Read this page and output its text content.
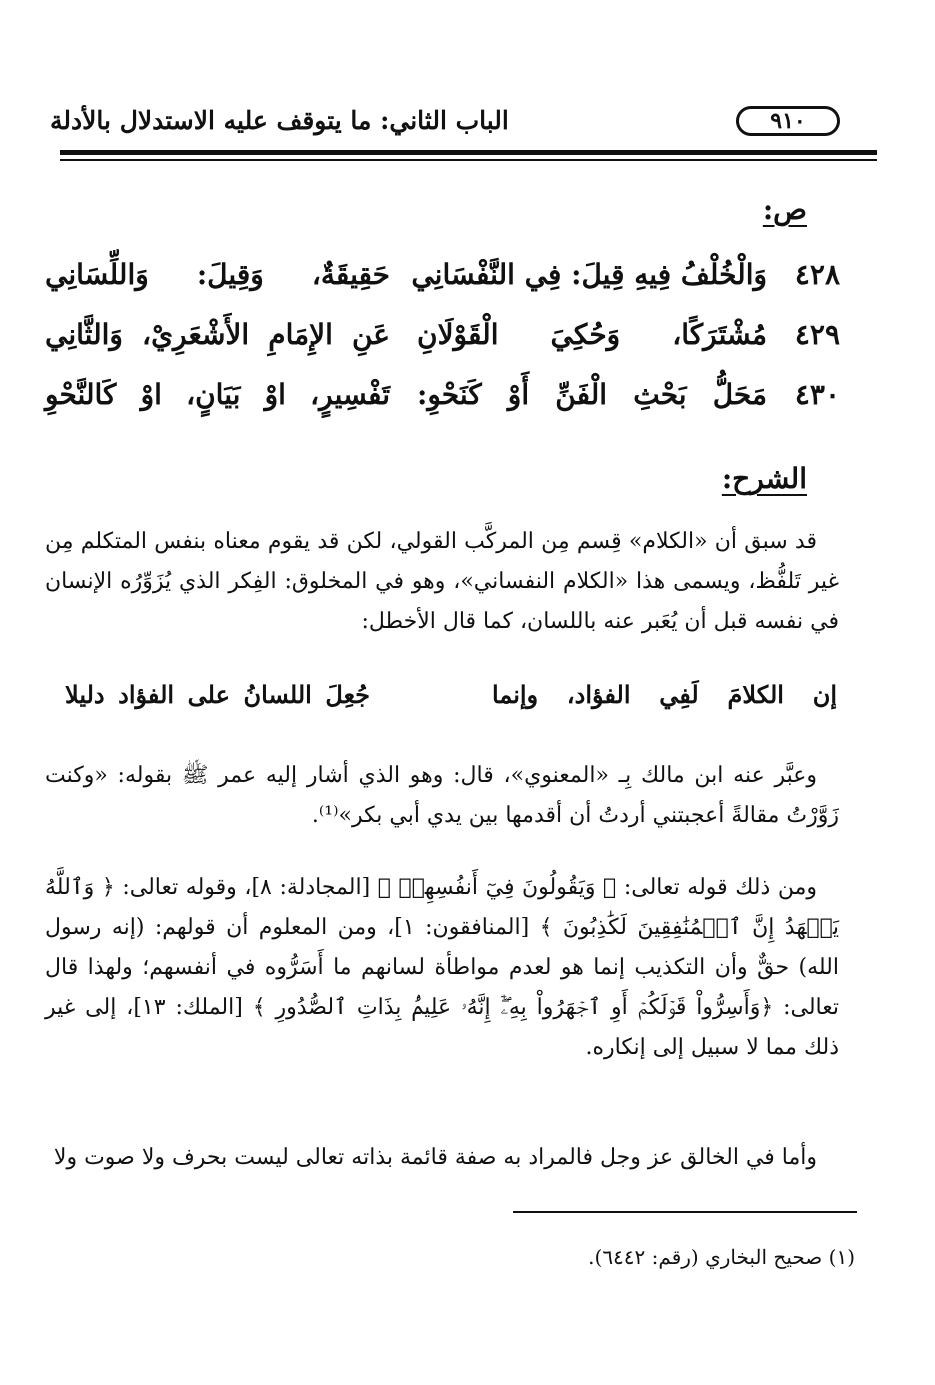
٩١٠
الباب الثاني: ما يتوقف عليه الاستدلال بالأدلة
ص:
٤٢٨
وَالْخُلْفُ فِيهِ قِيلَ: فِي النَّفْسَانِي
حَقِيقَةٌ، وَقِيلَ: وَاللِّسَانِي
٤٢٩
مُشْتَرَكًا، وَحُكِيَ الْقَوْلَانِ
عَنِ الإِمَامِ الأَشْعَرِيْ، وَالثَّانِي
٤٣٠
مَحَلُّ بَحْثِ الْفَنِّ أَوْ كَنَحْوِ:
تَفْسِيرٍ، اوْ بَيَانٍ، اوْ كَالنَّحْوِ
الشرح:
قد سبق أن «الكلام» قِسم مِن المركَّب القولي، لكن قد يقوم معناه بنفس المتكلم مِن غير تَلفُّظ، ويسمى هذا «الكلام النفساني»، وهو في المخلوق: الفِكر الذي يُزَوِّرُه الإنسان في نفسه قبل أن يُعَبر عنه باللسان، كما قال الأخطل:
إن الكلامَ لَفِي الفؤاد، وإنما
جُعِلَ اللسانُ على الفؤاد دليلا
وعبَّر عنه ابن مالك بِـ «المعنوي»، قال: وهو الذي أشار إليه عمر ﷺ بقوله: «وكنت زَوَّرْتُ مقالةً أعجبتني أردتُ أن أقدمها بين يدي أبي بكر»⁽¹⁾.
ومن ذلك قوله تعالى: ﴿ وَيَقُولُونَ فِيٓ أَنفُسِهِمۡ ﴾ [المجادلة: ٨]، وقوله تعالى: ﴿ وَٱللَّهُ يَشۡهَدُ إِنَّ ٱلۡمُنَٰفِقِينَ لَكَٰذِبُونَ ﴾ [المنافقون: ١]، ومن المعلوم أن قولهم: (إنه رسول الله) حقٌّ وأن التكذيب إنما هو لعدم مواطأة لسانهم ما أَسَرُّوه في أنفسهم؛ ولهذا قال تعالى: ﴿وَأَسِرُّواْ قَوۡلَكُمۡ أَوِ ٱجۡهَرُواْ بِهِۦٓۖ إِنَّهُۥ عَلِيمُۢ بِذَاتِ ٱلصُّدُورِ ﴾ [الملك: ١٣]، إلى غير ذلك مما لا سبيل إلى إنكاره.
وأما في الخالق عز وجل فالمراد به صفة قائمة بذاته تعالى ليست بحرف ولا صوت ولا
(١) صحيح البخاري (رقم: ٦٤٤٢).
